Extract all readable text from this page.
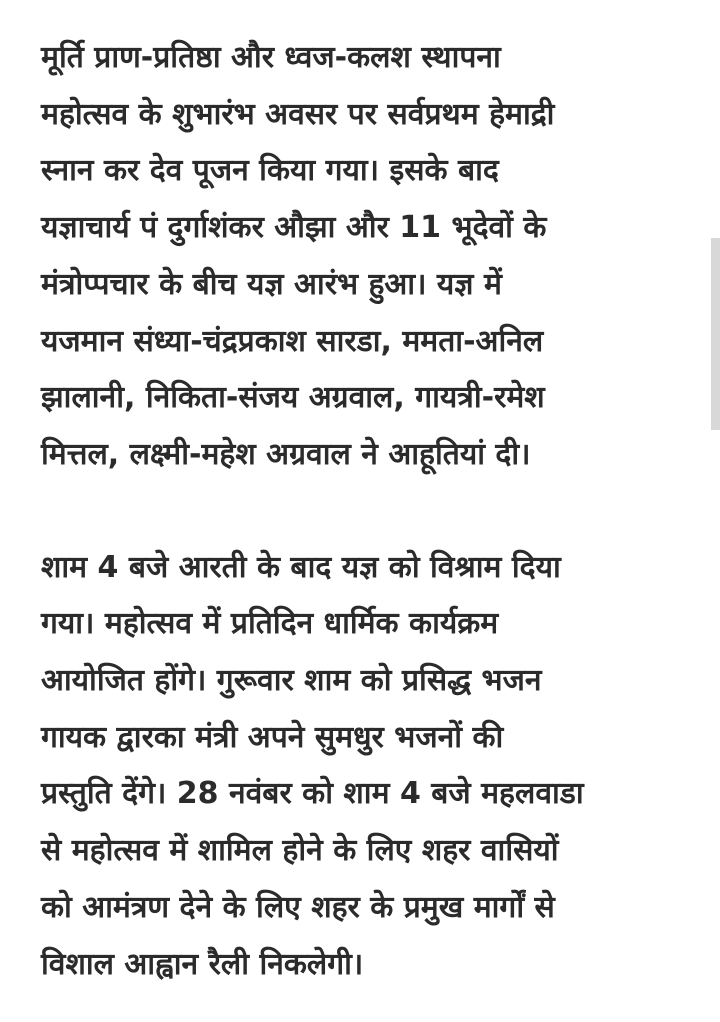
मूर्ति प्राण-प्रतिष्ठा और ध्वज-कलश स्थापना
महोत्सव के शुभारंभ अवसर पर सर्वप्रथम हेमाद्री
स्नान कर देव पूजन किया गया। इसके बाद
यज्ञाचार्य पं दुर्गाशंकर औझा और 11 भूदेवों के
मंत्रोप्पचार के बीच यज्ञ आरंभ हुआ। यज्ञ में
यजमान संध्या-चंद्रप्रकाश सारडा, ममता-अनिल
झालानी, निकिता-संजय अग्रवाल, गायत्री-रमेश
मित्तल, लक्ष्मी-महेश अग्रवाल ने आहूतियां दी।

शाम 4 बजे आरती के बाद यज्ञ को विश्राम दिया
गया। महोत्सव में प्रतिदिन धार्मिक कार्यक्रम
आयोजित होंगे। गुरूवार शाम को प्रसिद्ध भजन
गायक द्वारका मंत्री अपने सुमधुर भजनों की
प्रस्तुति देंगे। 28 नवंबर को शाम 4 बजे महलवाडा
से महोत्सव में शामिल होने के लिए शहर वासियों
को आमंत्रण देने के लिए शहर के प्रमुख मार्गों से
विशाल आह्वान रैली निकलेगी।
